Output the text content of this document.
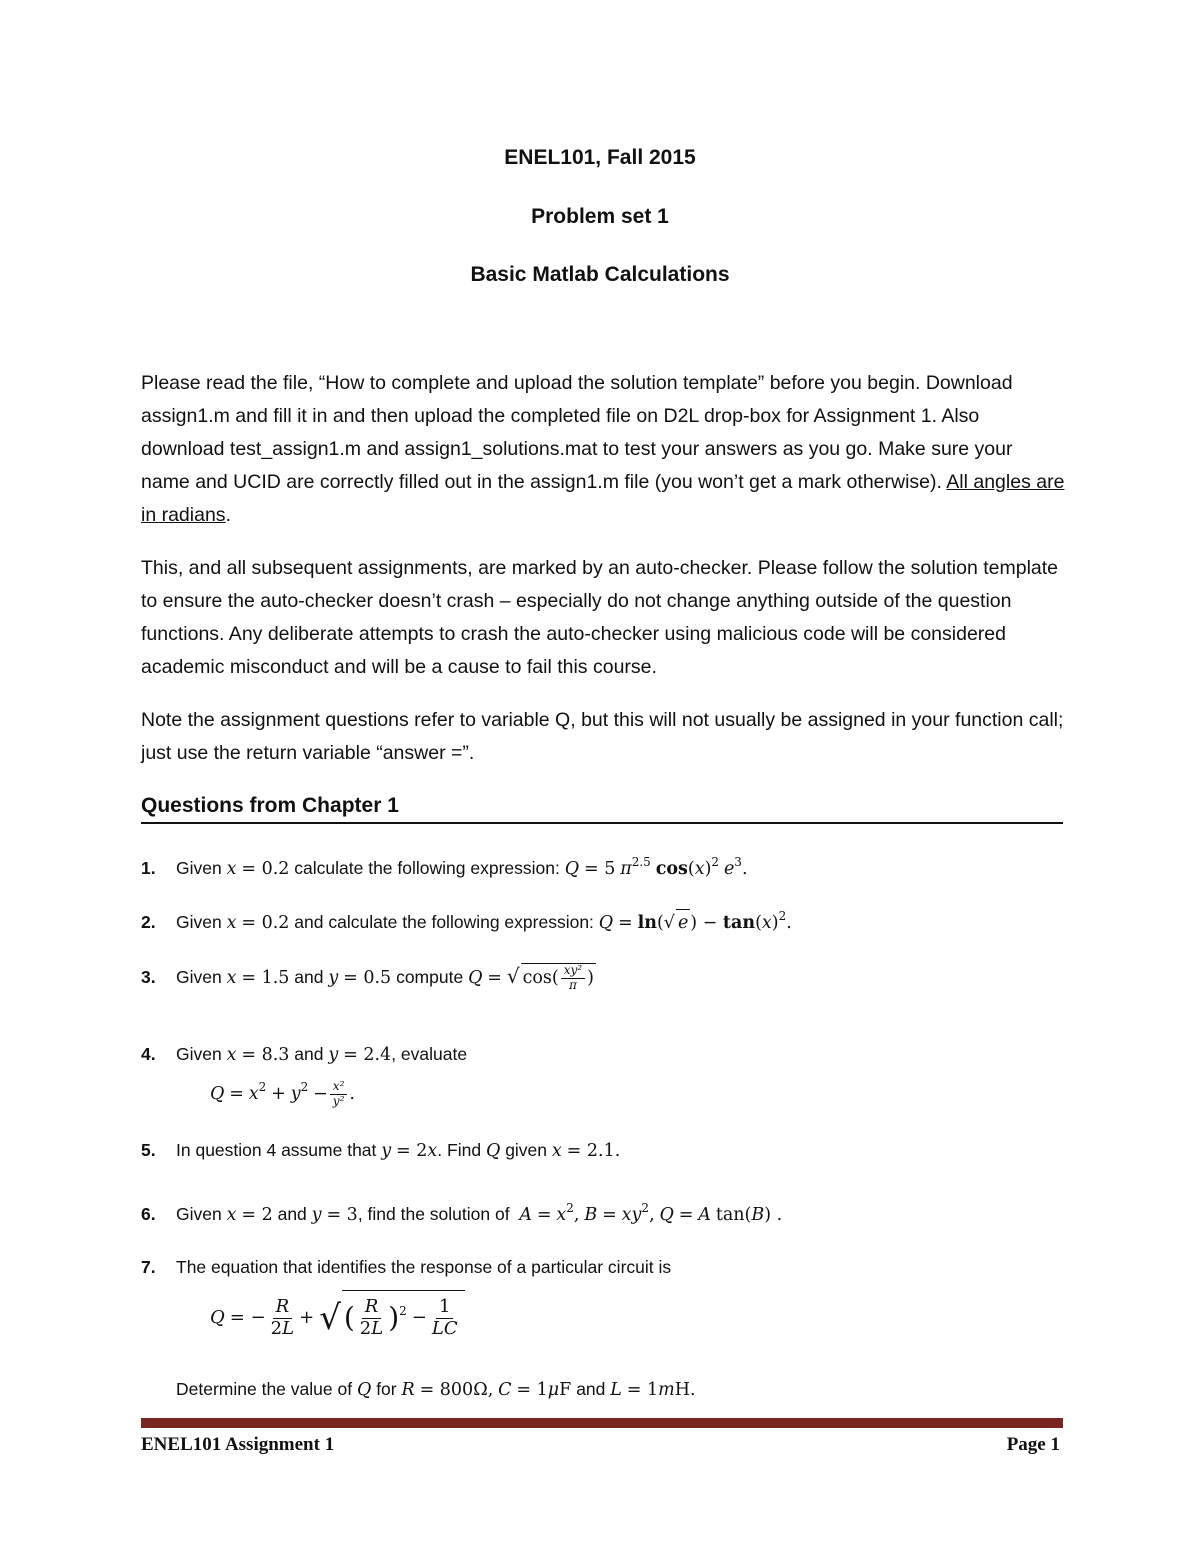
ENEL101, Fall 2015
Problem set 1
Basic Matlab Calculations

Please read the file, “How to complete and upload the solution template” before you begin. Download assign1.m and fill it in and then upload the completed file on D2L drop-box for Assignment 1. Also download test_assign1.m and assign1_solutions.mat to test your answers as you go. Make sure your name and UCID are correctly filled out in the assign1.m file (you won’t get a mark otherwise). All angles are in radians.

This, and all subsequent assignments, are marked by an auto-checker. Please follow the solution template to ensure the auto-checker doesn’t crash – especially do not change anything outside of the question functions. Any deliberate attempts to crash the auto-checker using malicious code will be considered academic misconduct and will be a cause to fail this course.

Note the assignment questions refer to variable Q, but this will not usually be assigned in your function call; just use the return variable “answer =”.

Questions from Chapter 1
1. Given x = 0.2 calculate the following expression: Q = 5 $\pi^{2.5}$ $\cos(x)^2$ $e^3$.
2. Given x = 0.2 and calculate the following expression: Q = ln(√ e ) − $\tan(x)^2$.
3. Given x = 1.5 and y = 0.5 compute Q = √ $\cos( \frac{\text{xy²}}{\pi}$ )
4. Given x = 8.3 and y = 2.4, evaluate
$Q = x^2 + y^2 - \frac{\text{x²}}{\text{y²}}$ .
5. In question 4 assume that y = 2x. Find Q given x = 2.1.
6. Given x = 2 and y = 3, find the solution of $A = x^2$, $B = xy^2$, Q = A tan(B) .
7. The equation that identifies the response of a particular circuit is
Q = − $\frac{R}{2L}$ + √ ( $\frac{R}{2L} )^2 - \frac{1}{LC}$
Determine the value of Q for R = 800Ω, C = 1μF and L = 1mH.
ENEL101 Assignment 1	Page 1
